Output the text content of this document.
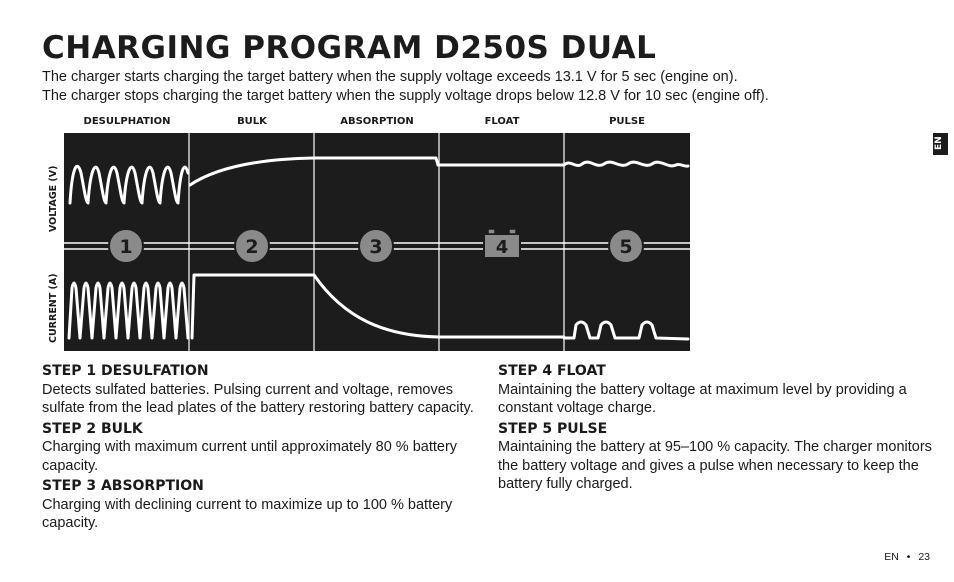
CHARGING PROGRAM D250S DUAL
The charger starts charging the target battery when the supply voltage exceeds 13.1 V for 5 sec (engine on).
The charger stops charging the target battery when the supply voltage drops below 12.8 V for 10 sec (engine off).
DESULPHATION	BULK	ABSORPTION	FLOAT	PULSE
VOLTAGE (V)
CURRENT (A)
1	2	3	4	5
STEP 1 DESULFATION

Detects sulfated batteries. Pulsing current and voltage, removes sulfate from the lead plates of the battery restoring battery capacity.

STEP 2 BULK

Charging with maximum current until approximately 80 % battery capacity.

STEP 3 ABSORPTION

Charging with declining current to maximize up to 100 % battery capacity.

STEP 4 FLOAT

Maintaining the battery voltage at maximum level by providing a constant voltage charge.

STEP 5 PULSE

Maintaining the battery at 95–100 % capacity. The charger monitors the battery voltage and gives a pulse when necessary to keep the battery fully charged.

EN
EN • 23
